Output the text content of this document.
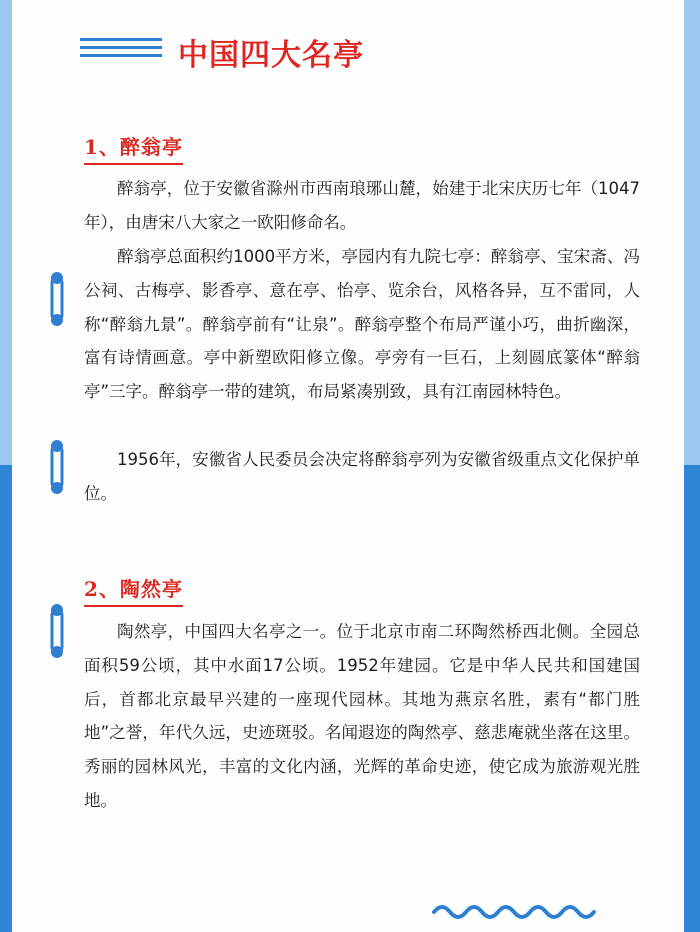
中国四大名亭
1、醉翁亭

醉翁亭，位于安徽省滁州市西南琅琊山麓，始建于北宋庆历七年（1047年），由唐宋八大家之一欧阳修命名。

醉翁亭总面积约1000平方米，亭园内有九院七亭：醉翁亭、宝宋斋、冯公祠、古梅亭、影香亭、意在亭、怡亭、览余台，风格各异，互不雷同，人称“醉翁九景”。醉翁亭前有“让泉”。醉翁亭整个布局严谨小巧，曲折幽深，富有诗情画意。亭中新塑欧阳修立像。亭旁有一巨石，上刻圆底篆体“醉翁亭”三字。醉翁亭一带的建筑，布局紧凑别致，具有江南园林特色。

1956年，安徽省人民委员会决定将醉翁亭列为安徽省级重点文化保护单位。

2、陶然亭

陶然亭，中国四大名亭之一。位于北京市南二环陶然桥西北侧。全园总面积59公顷，其中水面17公顷。1952年建园。它是中华人民共和国建国后，首都北京最早兴建的一座现代园林。其地为燕京名胜，素有“都门胜地”之誉，年代久远，史迹斑驳。名闻遐迩的陶然亭、慈悲庵就坐落在这里。秀丽的园林风光，丰富的文化内涵，光辉的革命史迹，使它成为旅游观光胜地。
